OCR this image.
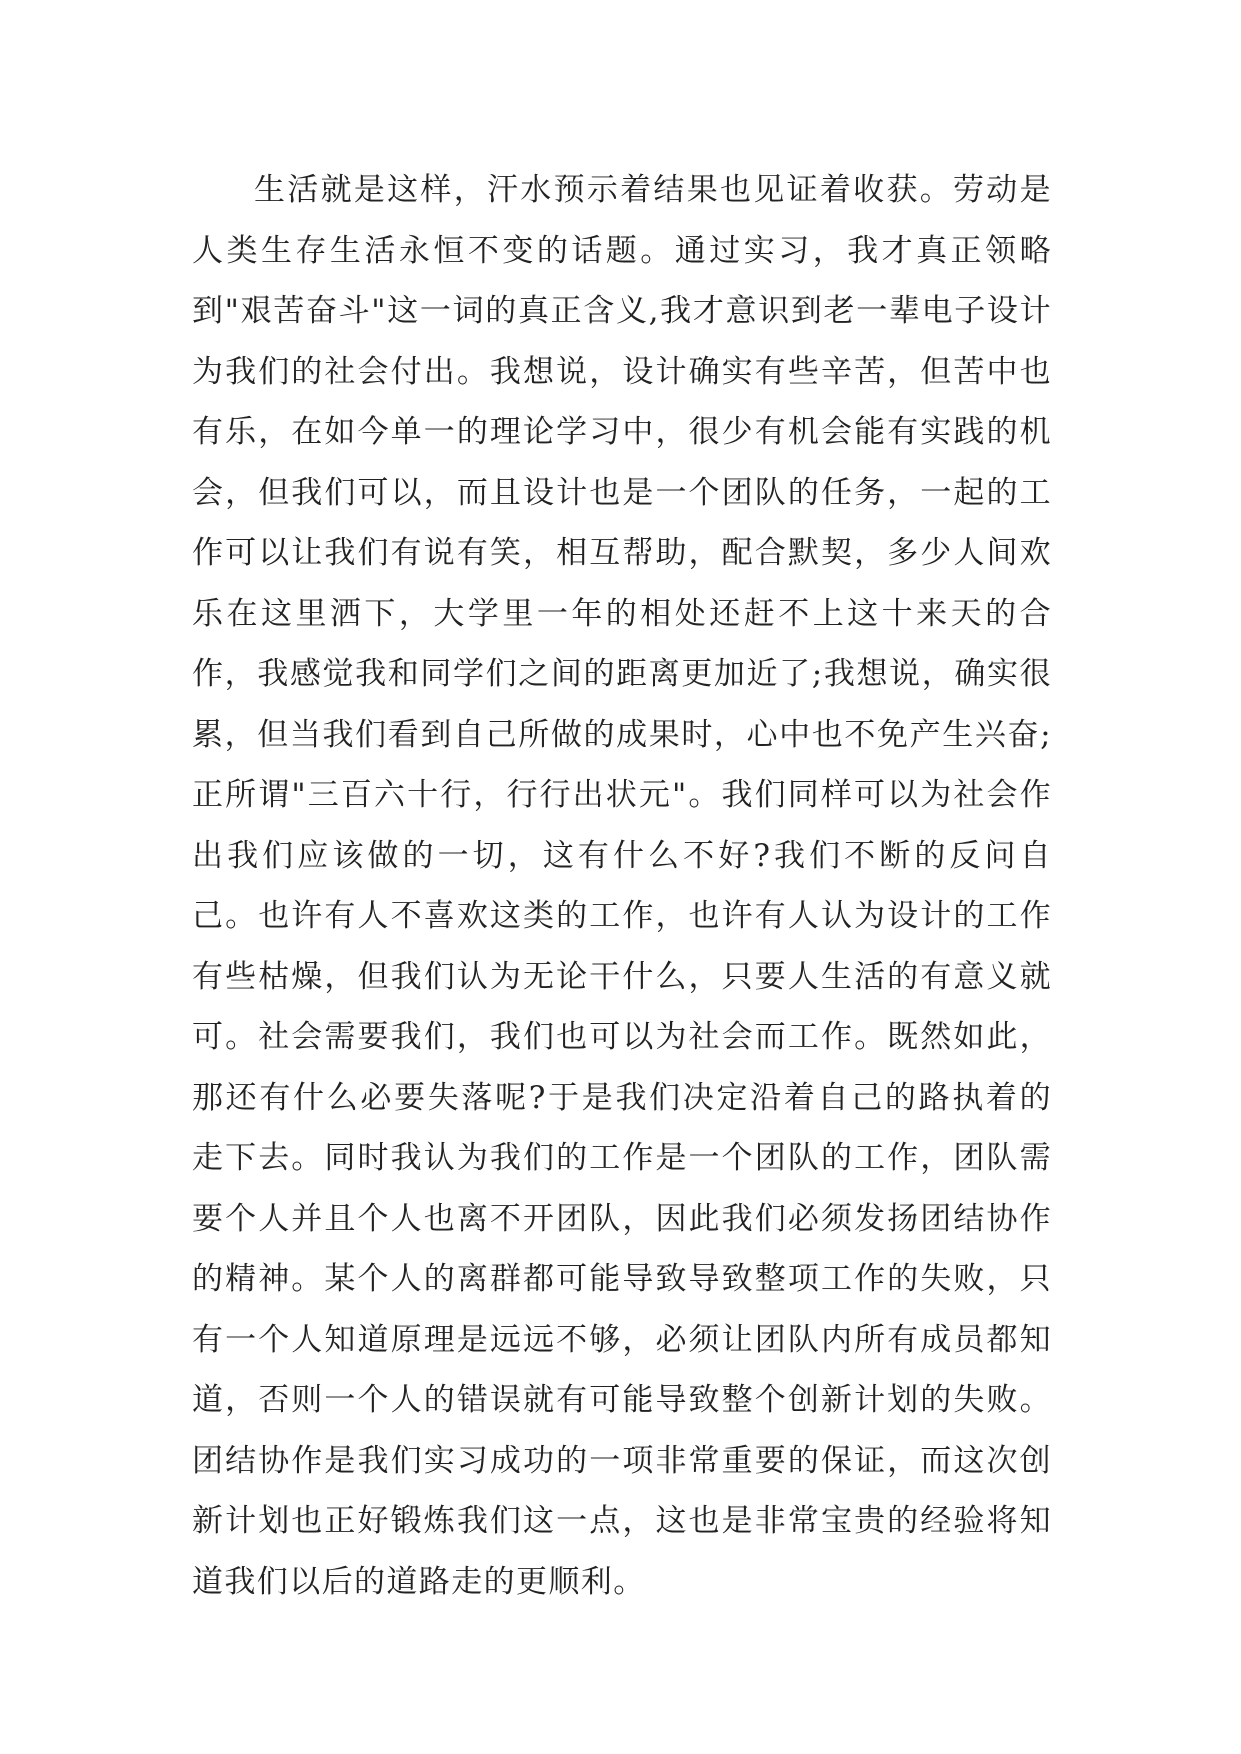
生活就是这样，汗水预示着结果也见证着收获。劳动是人类生存生活永恒不变的话题。通过实习，我才真正领略到"艰苦奋斗"这一词的真正含义,我才意识到老一辈电子设计为我们的社会付出。我想说，设计确实有些辛苦，但苦中也有乐，在如今单一的理论学习中，很少有机会能有实践的机会，但我们可以，而且设计也是一个团队的任务，一起的工作可以让我们有说有笑，相互帮助，配合默契，多少人间欢乐在这里洒下，大学里一年的相处还赶不上这十来天的合作，我感觉我和同学们之间的距离更加近了;我想说，确实很累，但当我们看到自己所做的成果时，心中也不免产生兴奋;正所谓"三百六十行，行行出状元"。我们同样可以为社会作出我们应该做的一切，这有什么不好?我们不断的反问自己。也许有人不喜欢这类的工作，也许有人认为设计的工作有些枯燥，但我们认为无论干什么，只要人生活的有意义就可。社会需要我们，我们也可以为社会而工作。既然如此，那还有什么必要失落呢?于是我们决定沿着自己的路执着的走下去。同时我认为我们的工作是一个团队的工作，团队需要个人并且个人也离不开团队，因此我们必须发扬团结协作的精神。某个人的离群都可能导致导致整项工作的失败，只有一个人知道原理是远远不够，必须让团队内所有成员都知道，否则一个人的错误就有可能导致整个创新计划的失败。团结协作是我们实习成功的一项非常重要的保证，而这次创新计划也正好锻炼我们这一点，这也是非常宝贵的经验将知道我们以后的道路走的更顺利。
